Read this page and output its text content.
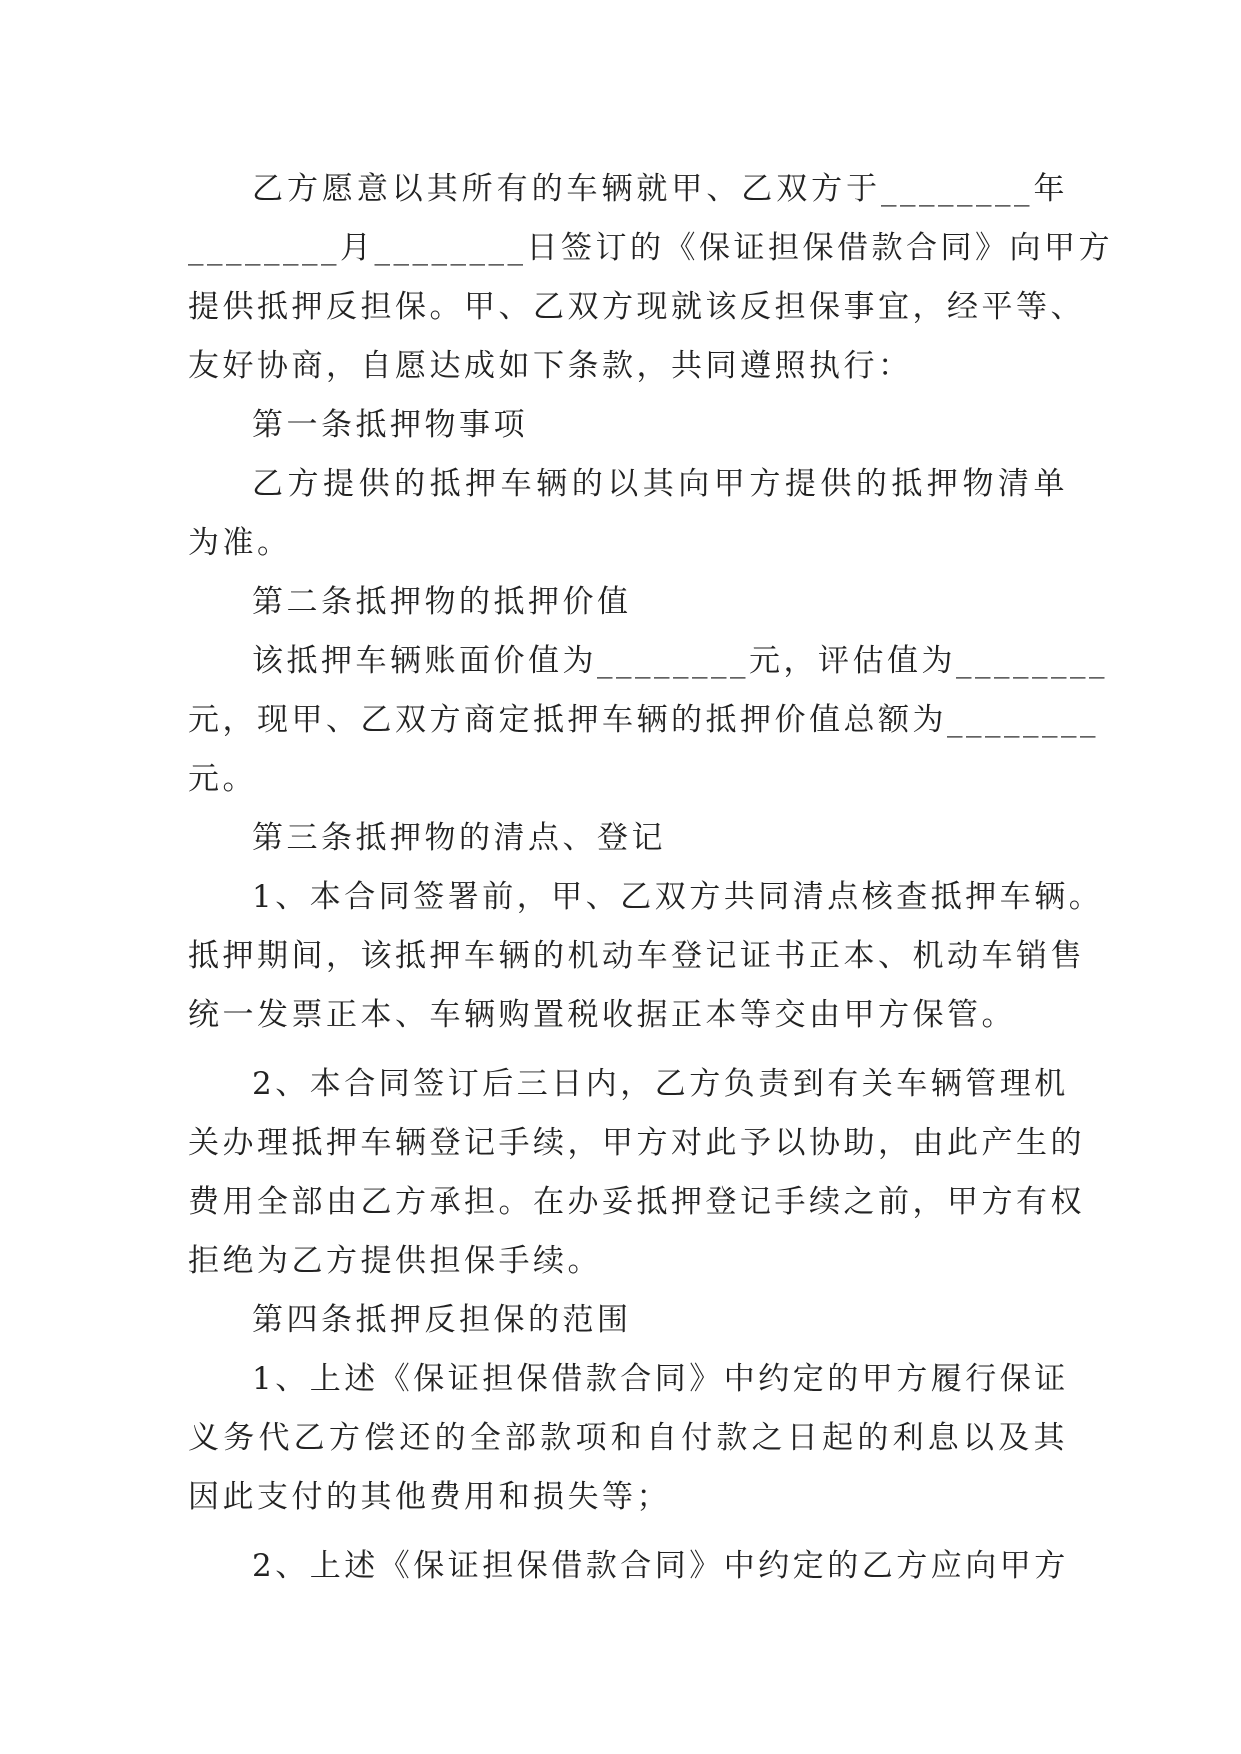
乙方愿意以其所有的车辆就甲、乙双方于________年

________月________日签订的《保证担保借款合同》向甲方

提供抵押反担保。甲、乙双方现就该反担保事宜，经平等、

友好协商，自愿达成如下条款，共同遵照执行：

第一条抵押物事项

乙方提供的抵押车辆的以其向甲方提供的抵押物清单

为准。

第二条抵押物的抵押价值

该抵押车辆账面价值为________元，评估值为________

元，现甲、乙双方商定抵押车辆的抵押价值总额为________

元。

第三条抵押物的清点、登记

1、本合同签署前，甲、乙双方共同清点核查抵押车辆。

抵押期间，该抵押车辆的机动车登记证书正本、机动车销售

统一发票正本、车辆购置税收据正本等交由甲方保管。

2、本合同签订后三日内，乙方负责到有关车辆管理机

关办理抵押车辆登记手续，甲方对此予以协助，由此产生的

费用全部由乙方承担。在办妥抵押登记手续之前，甲方有权

拒绝为乙方提供担保手续。

第四条抵押反担保的范围

1、上述《保证担保借款合同》中约定的甲方履行保证

义务代乙方偿还的全部款项和自付款之日起的利息以及其

因此支付的其他费用和损失等；

2、上述《保证担保借款合同》中约定的乙方应向甲方
